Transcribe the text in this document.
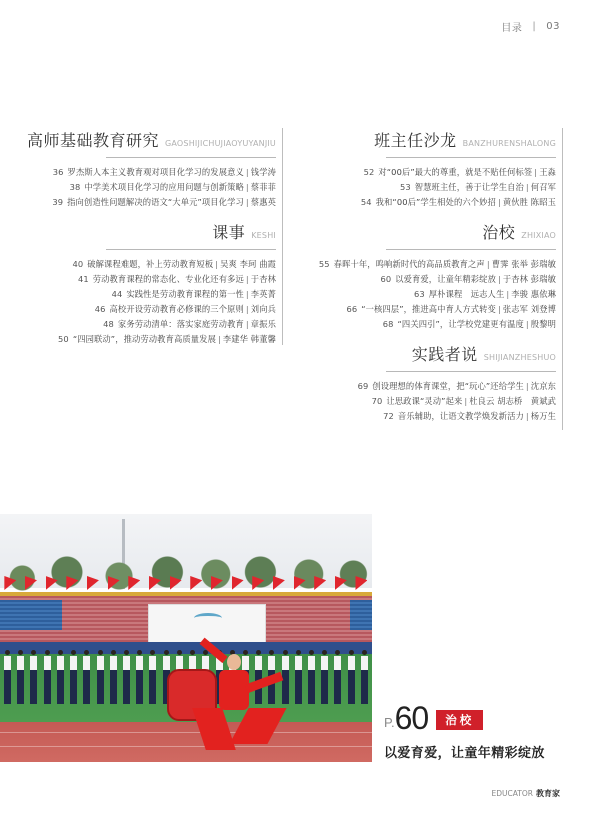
目录 | 03
高师基础教育研究 GAOSHIJICHUJIAOYUYANJIU
36 罗杰斯人本主义教育观对项目化学习的发展意义 | 钱学涛
38 中学美术项目化学习的应用问题与创新策略 | 蔡菲菲
39 指向创造性问题解决的语文“大单元”项目化学习 | 蔡惠英
课事 KESHI
40 破解课程难题，补上劳动教育短板 | 吴爽 李珂 曲霞
41 劳动教育课程的常态化、专业化还有多远 | 于杏林
44 实践性是劳动教育课程的第一性 | 李英菁
46 高校开设劳动教育必修课的三个原则 | 刘向兵
48 家务劳动清单：落实家庭劳动教育 | 章振乐
50 “四园联动”，推动劳动教育高质量发展 | 李建华 韩董馨
班主任沙龙 BANZHURENSHALONG
52 对“00后”最大的尊重，就是不贴任何标签 | 王淼
53 智慧班主任，善于让学生自治 | 何召军
54 我和“00后”学生相处的六个妙招 | 黄伙胜 陈昭玉
治校 ZHIXIAO
55 春晖十年，鸣响新时代的高品质教育之声 | 曹霁 张举 彭瑞敏
60 以爱育爱，让童年精彩绽放 | 于杏林 彭瑞敏
63 厚朴课程　远志人生 | 李骏 惠依琳
66 “一核四层”，推进高中育人方式转变 | 张志军 刘登博
68 “四关四引”，让学校党建更有温度 | 殷黎明
实践者说 SHIJIANZHESHUO
69 创设理想的体育课堂，把“玩心”还给学生 | 沈京东
70 让思政课“灵动”起来 | 杜良云 胡志桥　黄斌武
72 音乐辅助，让语文教学焕发新活力 | 杨万生
P. 60	治校
以爱育爱，让童年精彩绽放
EDUCATOR 教育家
